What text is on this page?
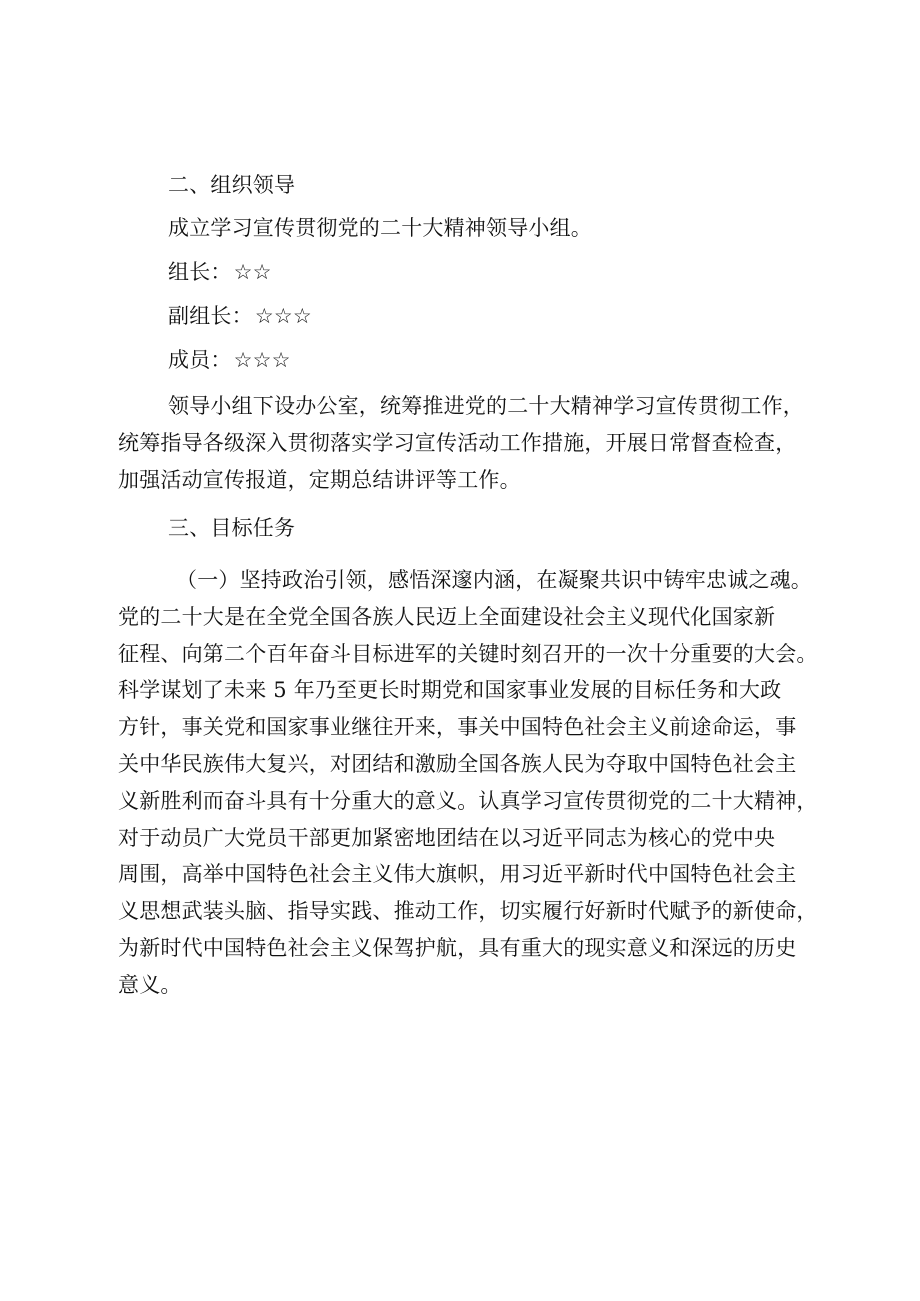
二、组织领导

成立学习宣传贯彻党的二十大精神领导小组。

组长：☆☆

副组长：☆☆☆

成员：☆☆☆

领导小组下设办公室，统筹推进党的二十大精神学习宣传贯彻工作，
统筹指导各级深入贯彻落实学习宣传活动工作措施，开展日常督查检查，
加强活动宣传报道，定期总结讲评等工作。

三、目标任务

（一）坚持政治引领，感悟深邃内涵，在凝聚共识中铸牢忠诚之魂。
党的二十大是在全党全国各族人民迈上全面建设社会主义现代化国家新
征程、向第二个百年奋斗目标进军的关键时刻召开的一次十分重要的大会。
科学谋划了未来 5 年乃至更长时期党和国家事业发展的目标任务和大政
方针，事关党和国家事业继往开来，事关中国特色社会主义前途命运，事
关中华民族伟大复兴，对团结和激励全国各族人民为夺取中国特色社会主
义新胜利而奋斗具有十分重大的意义。认真学习宣传贯彻党的二十大精神，
对于动员广大党员干部更加紧密地团结在以习近平同志为核心的党中央
周围，高举中国特色社会主义伟大旗帜，用习近平新时代中国特色社会主
义思想武装头脑、指导实践、推动工作，切实履行好新时代赋予的新使命，
为新时代中国特色社会主义保驾护航，具有重大的现实意义和深远的历史
意义。
